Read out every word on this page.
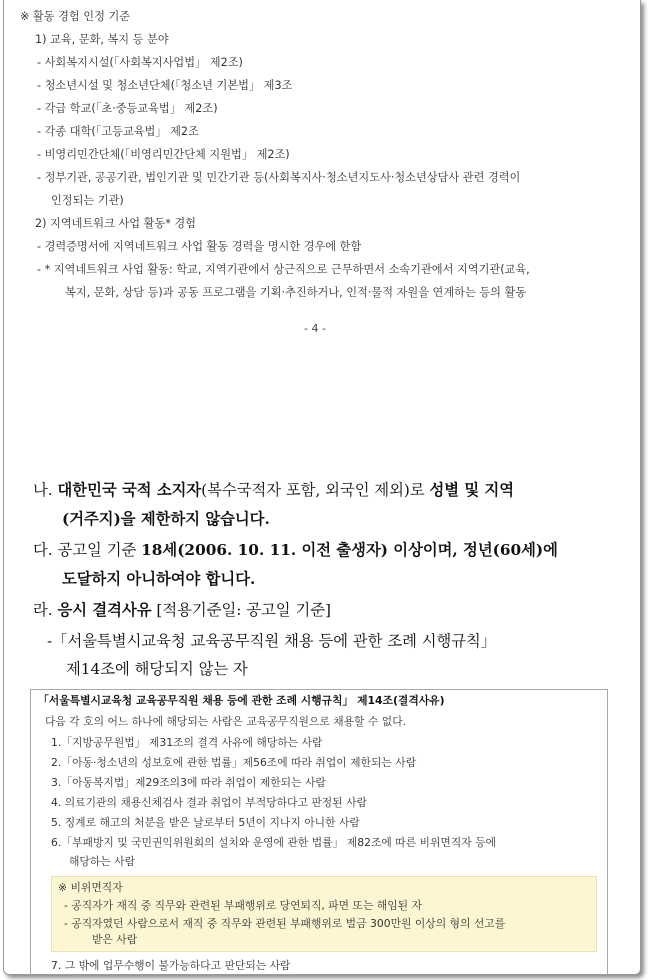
※ 활동 경험 인정 기준
1) 교육, 문화, 복지 등 분야
- 사회복지시설(「사회복지사업법」 제2조)
- 청소년시설 및 청소년단체(「청소년 기본법」 제3조
- 각급 학교(「초·중등교육법」 제2조)
- 각종 대학(「고등교육법」 제2조
- 비영리민간단체(「비영리민간단체 지원법」 제2조)
- 정부기관, 공공기관, 법인기관 및 민간기관 등(사회복지사·청소년지도사·청소년상담사 관련 경력이
인정되는 기관)
2) 지역네트워크 사업 활동* 경험
- 경력증명서에 지역네트워크 사업 활동 경력을 명시한 경우에 한함
- * 지역네트워크 사업 활동: 학교, 지역기관에서 상근직으로 근무하면서 소속기관에서 지역기관(교육,
복지, 문화, 상담 등)과 공동 프로그램을 기획·추진하거나, 인적·물적 자원을 연계하는 등의 활동
- 4 -
나. 대한민국 국적 소지자(복수국적자 포함, 외국인 제외)로 성별 및 지역
(거주지)을 제한하지 않습니다.
다. 공고일 기준 18세(2006. 10. 11. 이전 출생자) 이상이며, 정년(60세)에
도달하지 아니하여야 합니다.
라. 응시 결격사유 [적용기준일: 공고일 기준]
-「서울특별시교육청 교육공무직원 채용 등에 관한 조례 시행규칙」
제14조에 해당되지 않는 자
「서울특별시교육청 교육공무직원 채용 등에 관한 조례 시행규칙」 제14조(결격사유)
다음 각 호의 어느 하나에 해당되는 사람은 교육공무직원으로 채용할 수 없다.
1.「지방공무원법」 제31조의 결격 사유에 해당하는 사람
2.「아동·청소년의 성보호에 관한 법률」제56조에 따라 취업이 제한되는 사람
3.「아동복지법」제29조의3에 따라 취업이 제한되는 사람
4. 의료기관의 채용신체검사 결과 취업이 부적당하다고 판정된 사람
5. 징계로 해고의 처분을 받은 날로부터 5년이 지나지 아니한 사람
6.「부패방지 및 국민권익위원회의 설치와 운영에 관한 법률」 제82조에 따른 비위면직자 등에
해당하는 사람
※ 비위면직자
- 공직자가 재직 중 직무와 관련된 부패행위로 당연퇴직, 파면 또는 해임된 자
- 공직자였던 사람으로서 재직 중 직무와 관련된 부패행위로 벌금 300만원 이상의 형의 선고를
받은 사람
7. 그 밖에 업무수행이 불가능하다고 판단되는 사람
